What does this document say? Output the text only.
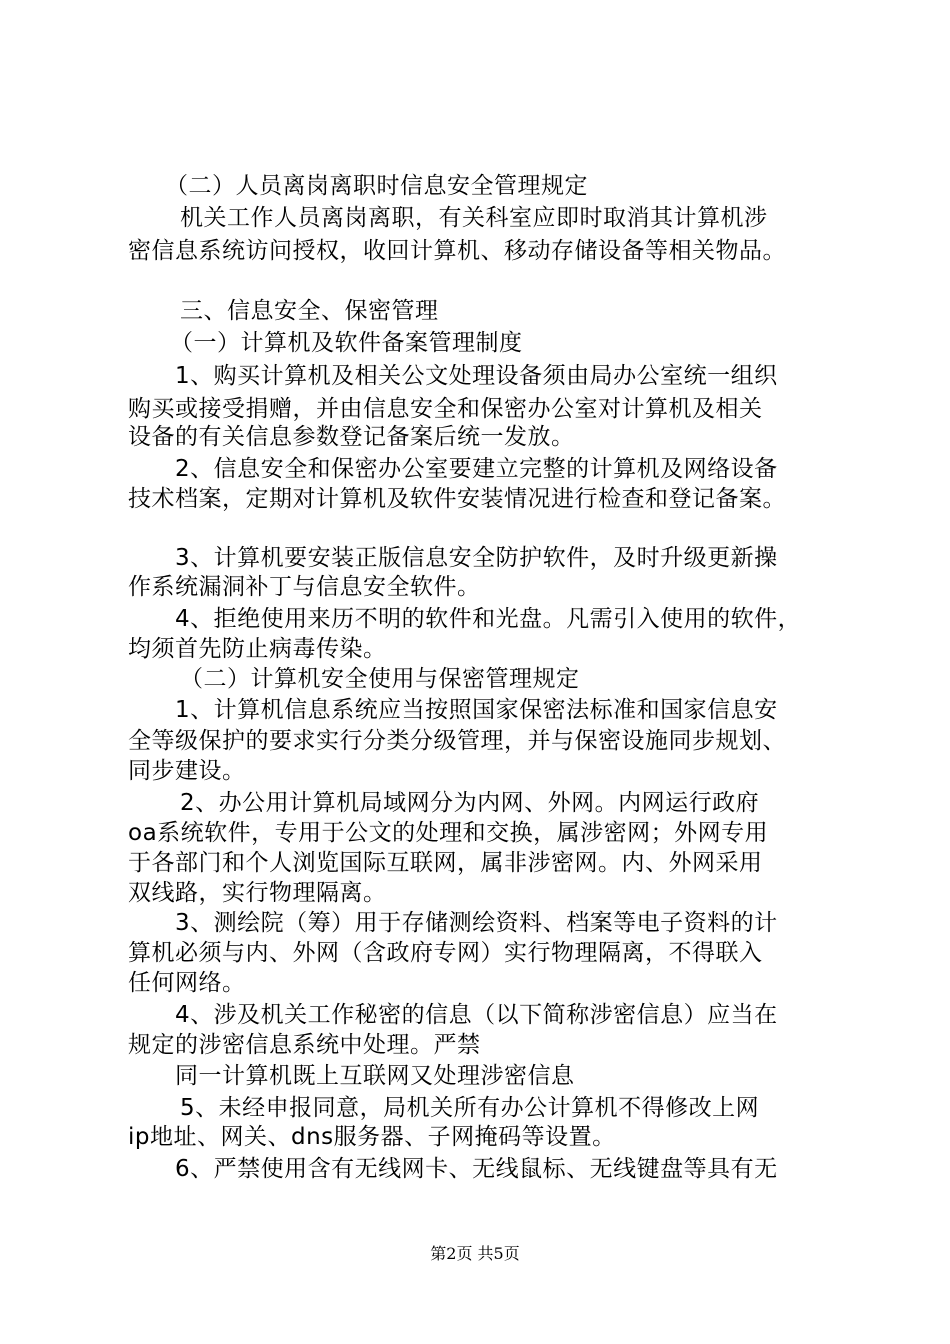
（二）人员离岗离职时信息安全管理规定
机关工作人员离岗离职，有关科室应即时取消其计算机涉
密信息系统访问授权，收回计算机、移动存储设备等相关物品。
三、信息安全、保密管理
（一）计算机及软件备案管理制度
1、购买计算机及相关公文处理设备须由局办公室统一组织
购买或接受捐赠，并由信息安全和保密办公室对计算机及相关
设备的有关信息参数登记备案后统一发放。
2、信息安全和保密办公室要建立完整的计算机及网络设备
技术档案，定期对计算机及软件安装情况进行检查和登记备案。
3、计算机要安装正版信息安全防护软件，及时升级更新操
作系统漏洞补丁与信息安全软件。
4、拒绝使用来历不明的软件和光盘。凡需引入使用的软件，
均须首先防止病毒传染。
（二）计算机安全使用与保密管理规定
1、计算机信息系统应当按照国家保密法标准和国家信息安
全等级保护的要求实行分类分级管理，并与保密设施同步规划、
同步建设。
2、办公用计算机局域网分为内网、外网。内网运行政府
oa系统软件，专用于公文的处理和交换，属涉密网；外网专用
于各部门和个人浏览国际互联网，属非涉密网。内、外网采用
双线路，实行物理隔离。
3、测绘院（筹）用于存储测绘资料、档案等电子资料的计
算机必须与内、外网（含政府专网）实行物理隔离，不得联入
任何网络。
4、涉及机关工作秘密的信息（以下简称涉密信息）应当在
规定的涉密信息系统中处理。严禁
同一计算机既上互联网又处理涉密信息
5、未经申报同意，局机关所有办公计算机不得修改上网
ip地址、网关、dns服务器、子网掩码等设置。
6、严禁使用含有无线网卡、无线鼠标、无线键盘等具有无
第2页 共5页
